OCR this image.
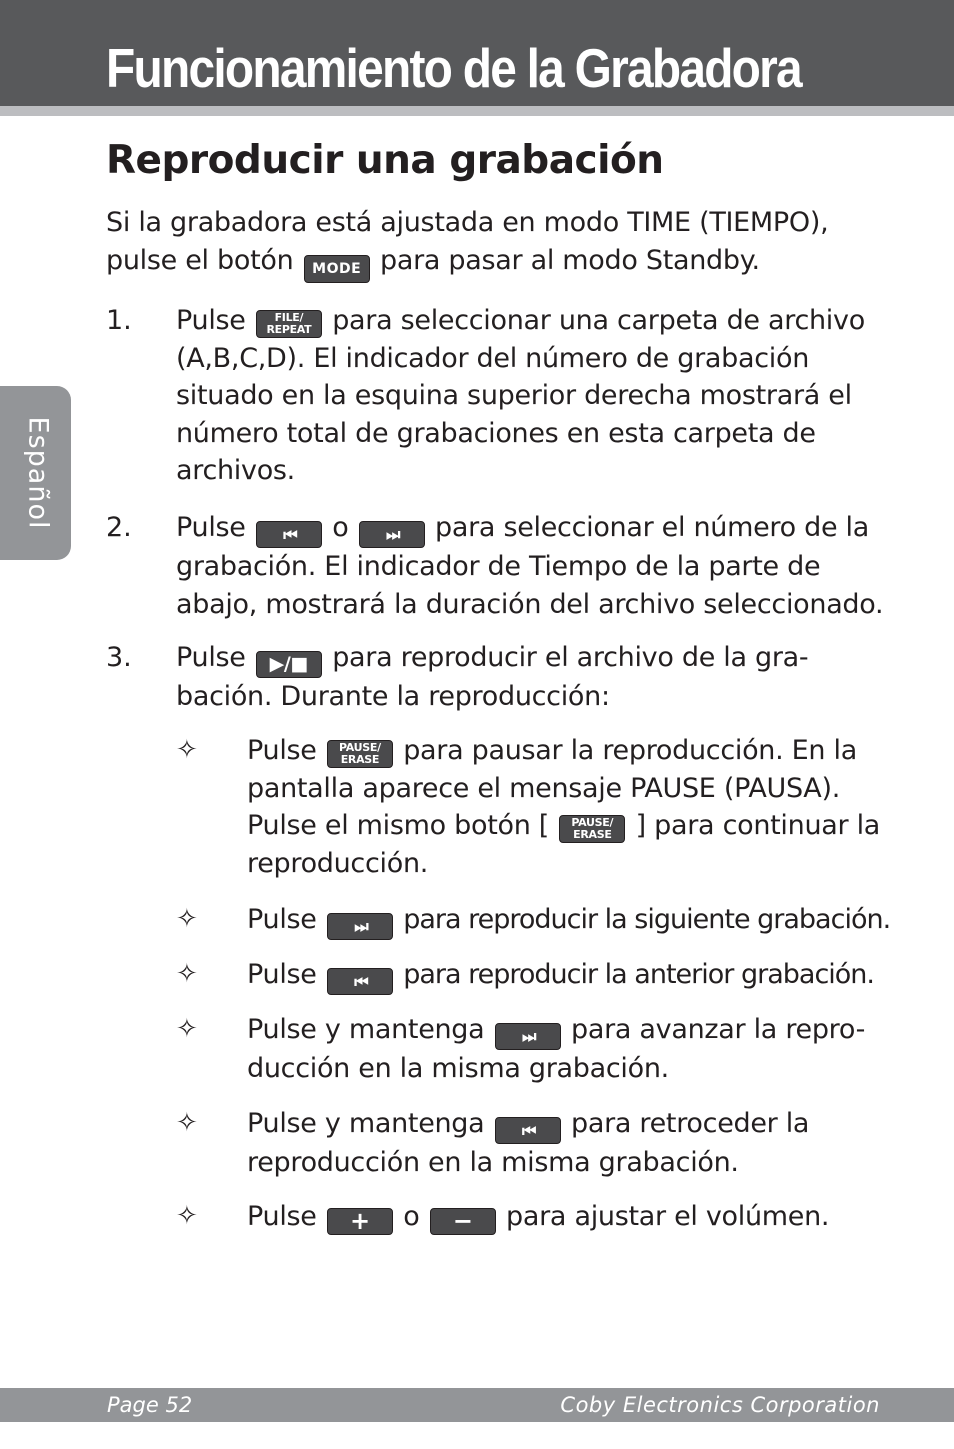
Funcionamiento de la Grabadora
Español
Reproducir una grabación
Si la grabadora está ajustada en modo TIME (TIEMPO), pulse el botón MODE para pasar al modo Standby.
1. Pulse	FILE/
REPEAT para seleccionar una carpeta de archivo (A,B,C,D). El indicador del número de grabación situado en la esquina superior derecha mostrará el número total de grabaciones en esta carpeta de archivos.
2. Pulse ⏮ o ⏭ para seleccionar el número de la grabación. El indicador de Tiempo de la parte de abajo, mostrará la duración del archivo seleccionado.
3. Pulse ▶/■ para reproducir el archivo de la gra- bación. Durante la reproducción:
✧ Pulse PAUSE/
ERASE para pausar la reproducción. En la pantalla aparece el mensaje PAUSE (PAUSA). Pulse el mismo botón [ PAUSE/
ERASE ] para continuar la reproducción.
✧ Pulse ⏭ para reproducir la siguiente grabación.
✧ Pulse ⏮ para reproducir la anterior grabación.
✧ Pulse y mantenga ⏭ para avanzar la repro- ducción en la misma grabación.
✧ Pulse y mantenga ⏮ para retroceder la reproducción en la misma grabación.
✧ Pulse + o − para ajustar el volúmen.
Page 52	Coby Electronics Corporation
